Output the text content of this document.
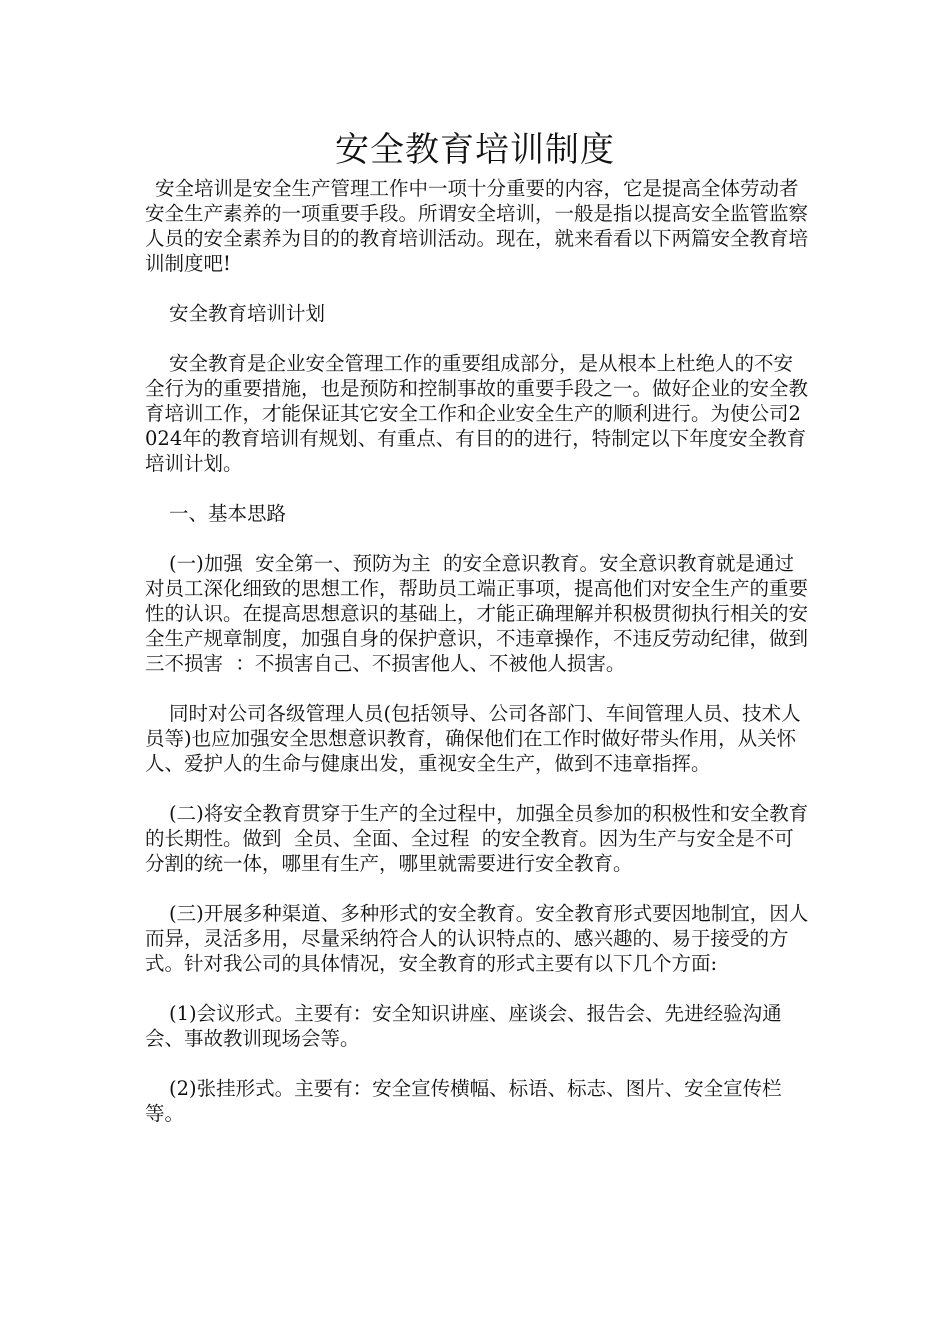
安全教育培训制度

安全培训是安全生产管理工作中一项十分重要的内容，它是提高全体劳动者安全生产素养的一项重要手段。所谓安全培训，一般是指以提高安全监管监察人员的安全素养为目的的教育培训活动。现在，就来看看以下两篇安全教育培训制度吧!

安全教育培训计划

安全教育是企业安全管理工作的重要组成部分，是从根本上杜绝人的不安全行为的重要措施，也是预防和控制事故的重要手段之一。做好企业的安全教育培训工作，才能保证其它安全工作和企业安全生产的顺利进行。为使公司2024年的教育培训有规划、有重点、有目的的进行，特制定以下年度安全教育培训计划。

一、基本思路

(一)加强  安全第一、预防为主  的安全意识教育。安全意识教育就是通过对员工深化细致的思想工作，帮助员工端正事项，提高他们对安全生产的重要性的认识。在提高思想意识的基础上，才能正确理解并积极贯彻执行相关的安全生产规章制度，加强自身的保护意识，不违章操作，不违反劳动纪律，做到  三不损害  ：不损害自己、不损害他人、不被他人损害。

同时对公司各级管理人员(包括领导、公司各部门、车间管理人员、技术人员等)也应加强安全思想意识教育，确保他们在工作时做好带头作用，从关怀人、爱护人的生命与健康出发，重视安全生产，做到不违章指挥。

(二)将安全教育贯穿于生产的全过程中，加强全员参加的积极性和安全教育的长期性。做到  全员、全面、全过程  的安全教育。因为生产与安全是不可分割的统一体，哪里有生产，哪里就需要进行安全教育。

(三)开展多种渠道、多种形式的安全教育。安全教育形式要因地制宜，因人而异，灵活多用，尽量采纳符合人的认识特点的、感兴趣的、易于接受的方式。针对我公司的具体情况，安全教育的形式主要有以下几个方面:

(1)会议形式。主要有：安全知识讲座、座谈会、报告会、先进经验沟通会、事故教训现场会等。

(2)张挂形式。主要有：安全宣传横幅、标语、标志、图片、安全宣传栏等。
